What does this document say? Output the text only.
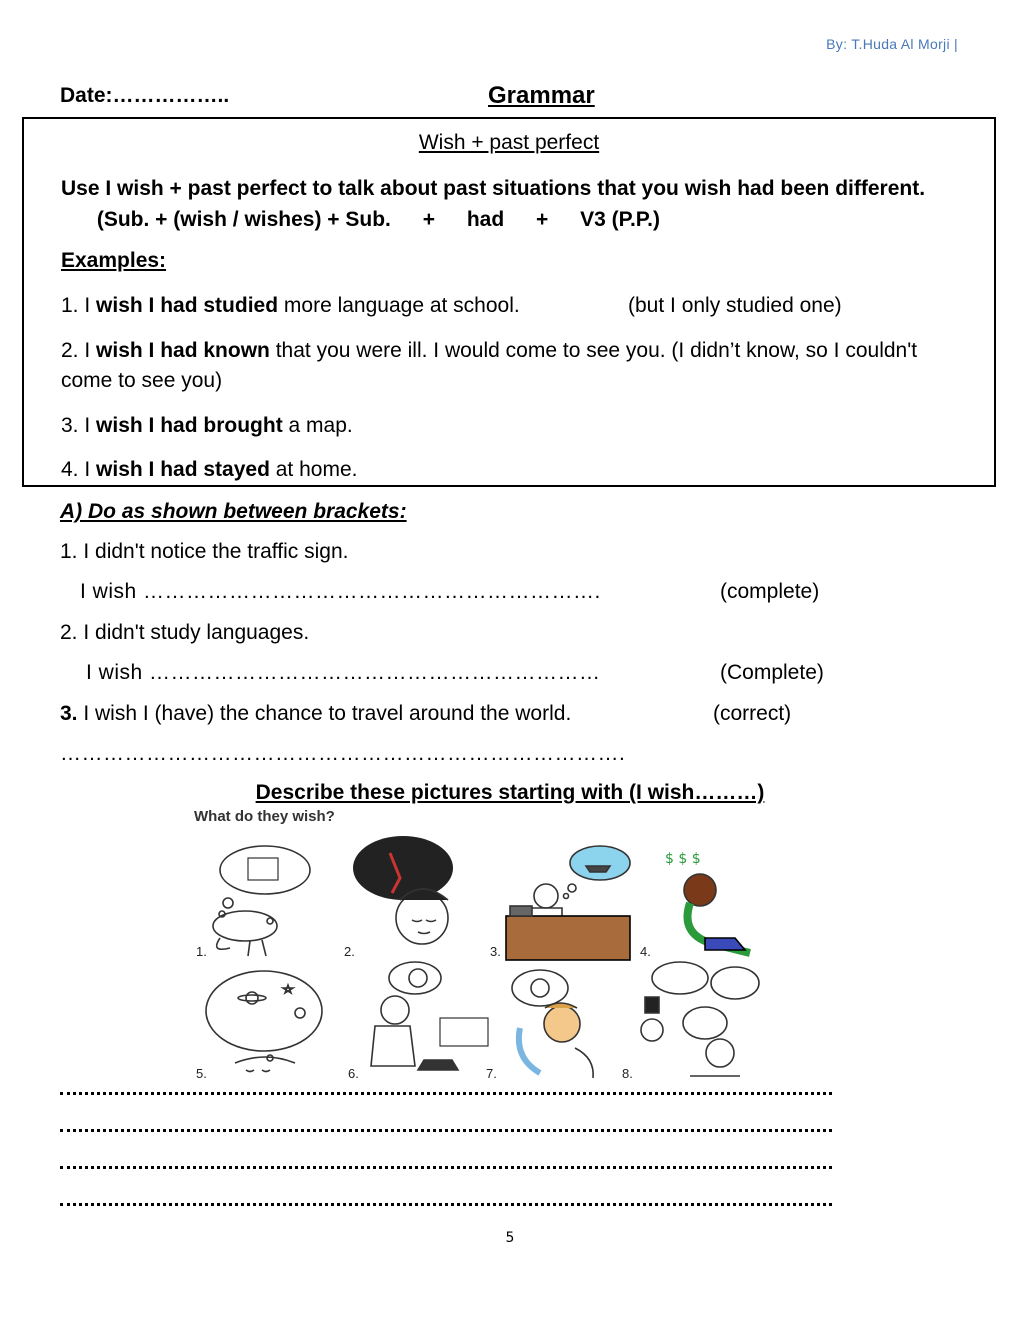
By: T.Huda Al Morji |
Date:……………..	Grammar
Wish + past perfect
Use I wish + past perfect to talk about past situations that you wish had been different.  (Sub. + (wish / wishes) + Sub. + had + V3 (P.P.)
Examples:
1. I wish I had studied more language at school.	(but I only studied one)
2. I wish I had known that you were ill. I would come to see you. (I didn’t know, so I couldn't come to see you)
3. I wish I had brought a map.
4. I wish I had stayed at home.
A) Do as shown between brackets:
1. I didn't notice the traffic sign.
I wish ……………………………………………………….	(complete)
2. I didn't study languages.
I wish ………………………………………………………	(Complete)
3. I wish I (have) the chance to travel around the world.	(correct)
…………………………………………………………………….
Describe these pictures starting with (I wish………)
What do they wish?
$ $ $
1.	2.	3.	4.
5.	6.	7.	8.
5
